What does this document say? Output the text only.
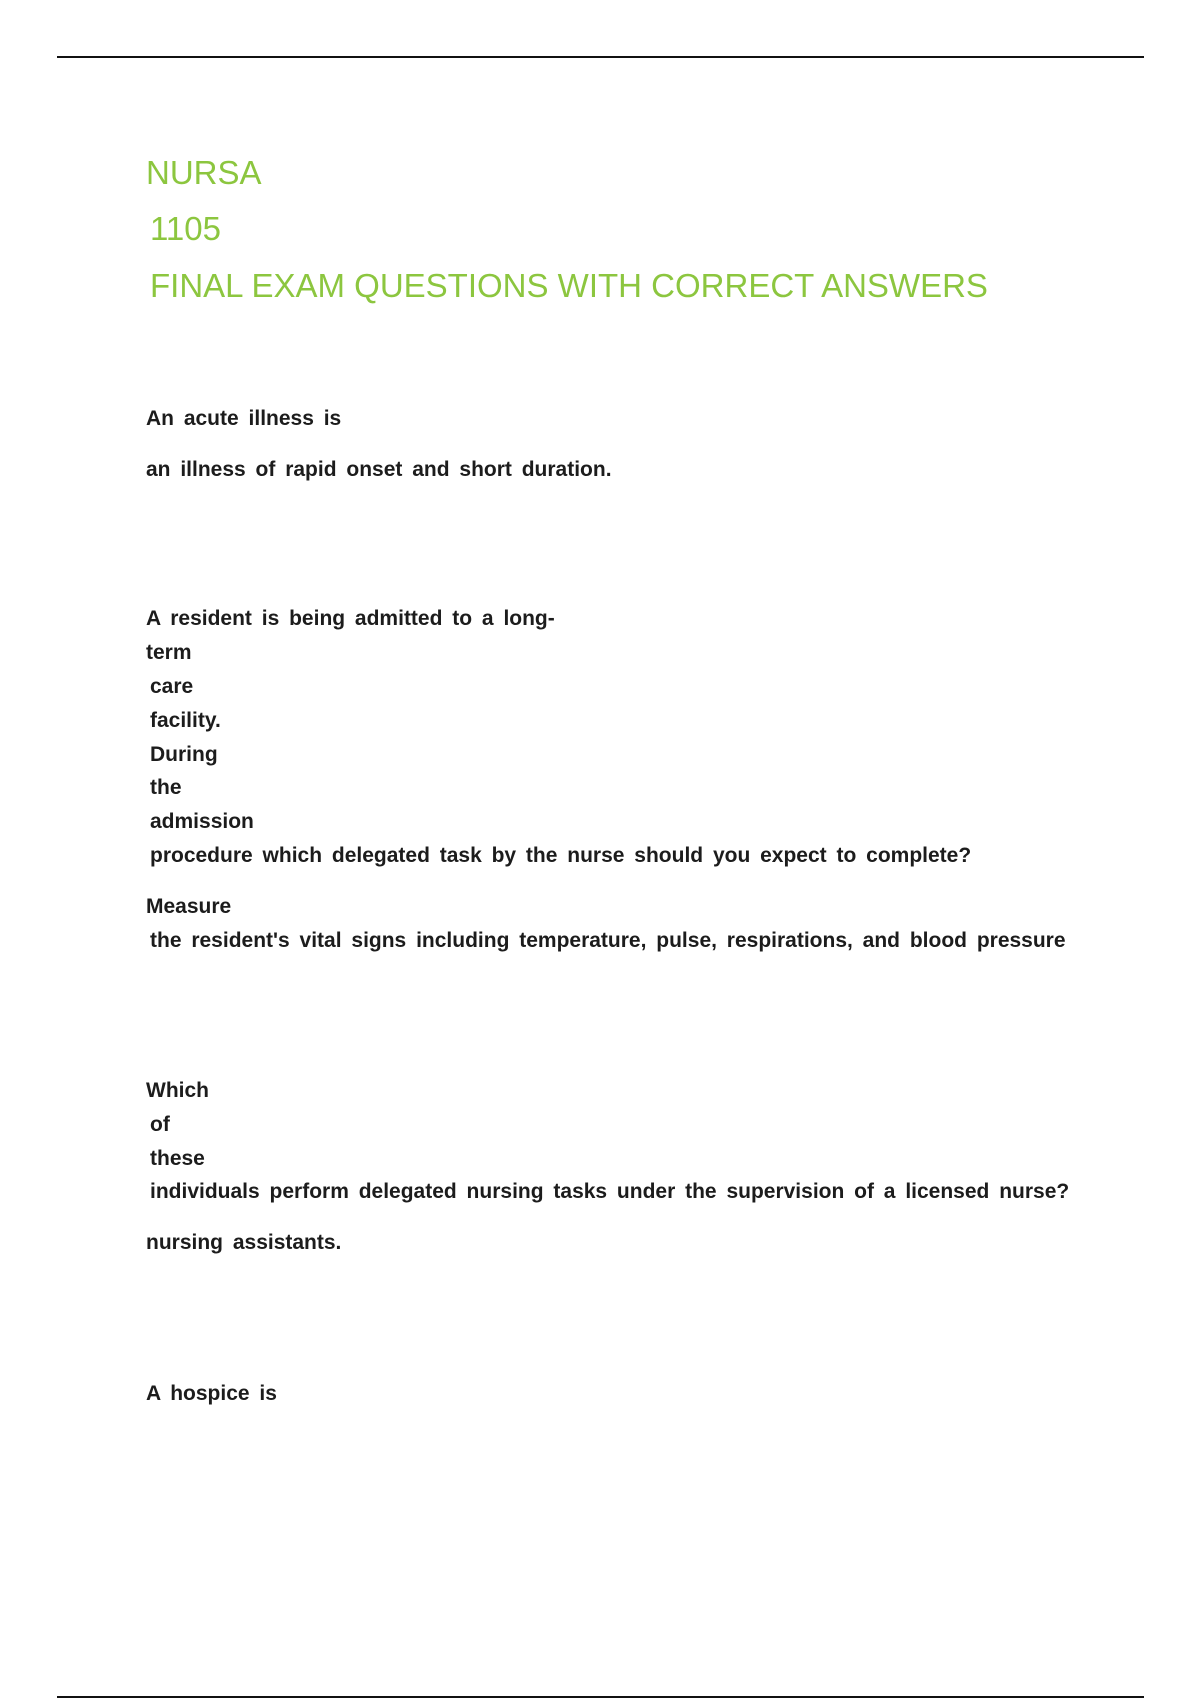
NURSA
1105
FINAL EXAM QUESTIONS WITH CORRECT ANSWERS
An acute illness is
an illness of rapid onset and short duration.
A resident is being admitted to a long-
term
care
facility.
During
the
admission
procedure which delegated task by the nurse should you expect to complete?
Measure
the resident's vital signs including temperature, pulse, respirations, and blood pressure
Which
of
these
individuals perform delegated nursing tasks under the supervision of a licensed nurse?
nursing assistants.
A hospice is
